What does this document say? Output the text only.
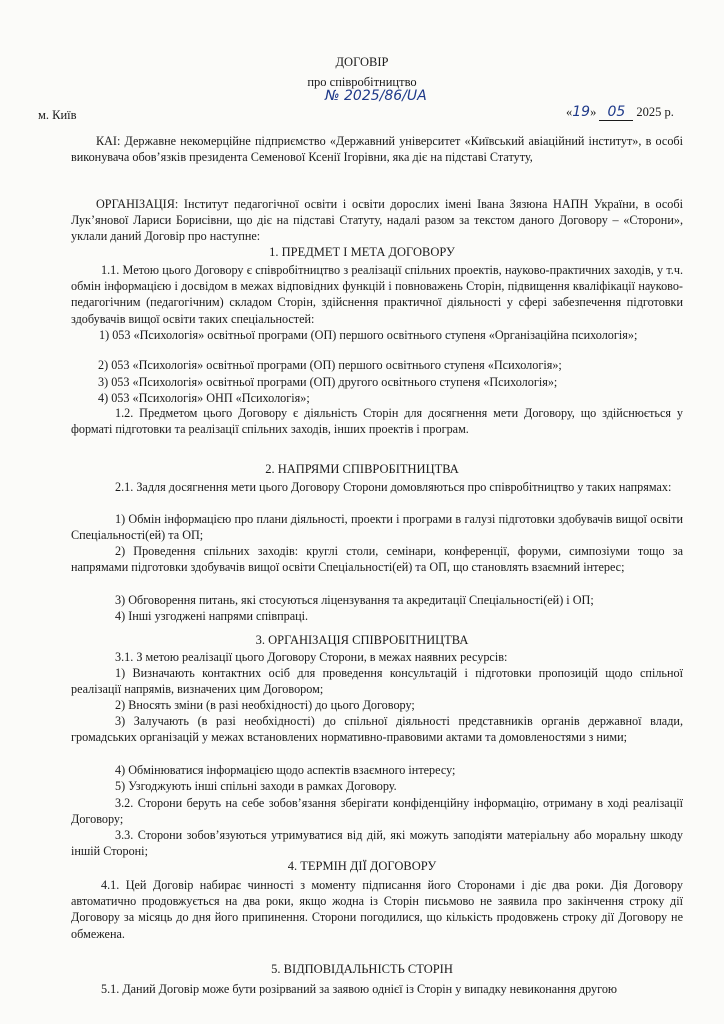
ДОГОВІР
про співробітництво
№ 2025/86/UA
м. Київ	«19» 05 2025 р.
КАІ: Державне некомерційне підприємство «Державний університет «Київський авіаційний інститут», в особі виконувача обов’язків президента Семенової Ксенії Ігорівни, яка діє на підставі Статуту,
ОРГАНІЗАЦІЯ: Інститут педагогічної освіти і освіти дорослих імені Івана Зязюна НАПН України, в особі Лук’янової Лариси Борисівни, що діє на підставі Статуту, надалі разом за текстом даного Договору – «Сторони», уклали даний Договір про наступне:
1. ПРЕДМЕТ І МЕТА ДОГОВОРУ
1.1. Метою цього Договору є співробітництво з реалізації спільних проектів, науково-практичних заходів, у т.ч. обмін інформацією і досвідом в межах відповідних функцій і повноважень Сторін, підвищення кваліфікації науково-педагогічним (педагогічним) складом Сторін, здійснення практичної діяльності у сфері забезпечення підготовки здобувачів вищої освіти таких спеціальностей:
1) 053 «Психологія» освітньої програми (ОП) першого освітнього ступеня «Організаційна психологія»;
2) 053 «Психологія» освітньої програми (ОП) першого освітнього ступеня «Психологія»;
3) 053 «Психологія» освітньої програми (ОП) другого освітнього ступеня «Психологія»;
4) 053 «Психологія» ОНП «Психологія»;
1.2. Предметом цього Договору є діяльність Сторін для досягнення мети Договору, що здійснюється у форматі підготовки та реалізації спільних заходів, інших проектів і програм.
2. НАПРЯМИ СПІВРОБІТНИЦТВА
2.1. Задля досягнення мети цього Договору Сторони домовляються про співробітництво у таких напрямах:
1) Обмін інформацією про плани діяльності, проекти і програми в галузі підготовки здобувачів вищої освіти Спеціальності(ей) та ОП;
2) Проведення спільних заходів: круглі столи, семінари, конференції, форуми, симпозіуми тощо за напрямами підготовки здобувачів вищої освіти Спеціальності(ей) та ОП, що становлять взаємний інтерес;
3) Обговорення питань, які стосуються ліцензування та акредитації Спеціальності(ей) і ОП;
4) Інші узгоджені напрями співпраці.
3. ОРГАНІЗАЦІЯ СПІВРОБІТНИЦТВА
3.1. З метою реалізації цього Договору Сторони, в межах наявних ресурсів:
1) Визначають контактних осіб для проведення консультацій і підготовки пропозицій щодо спільної реалізації напрямів, визначених цим Договором;
2) Вносять зміни (в разі необхідності) до цього Договору;
3) Залучають (в разі необхідності) до спільної діяльності представників органів державної влади, громадських організацій у межах встановлених нормативно-правовими актами та домовленостями з ними;
4) Обмінюватися інформацією щодо аспектів взаємного інтересу;
5) Узгоджують інші спільні заходи в рамках Договору.
3.2. Сторони беруть на себе зобов’язання зберігати конфіденційну інформацію, отриману в ході реалізації Договору;
3.3. Сторони зобов’язуються утримуватися від дій, які можуть заподіяти матеріальну або моральну шкоду іншій Стороні;
4. ТЕРМІН ДІЇ ДОГОВОРУ
4.1. Цей Договір набирає чинності з моменту підписання його Сторонами і діє два роки. Дія Договору автоматично продовжується на два роки, якщо жодна із Сторін письмово не заявила про закінчення строку дії Договору за місяць до дня його припинення. Сторони погодилися, що кількість продовжень строку дії Договору не обмежена.
5. ВІДПОВІДАЛЬНІСТЬ СТОРІН
5.1. Даний Договір може бути розірваний за заявою однієї із Сторін у випадку невиконання другою
